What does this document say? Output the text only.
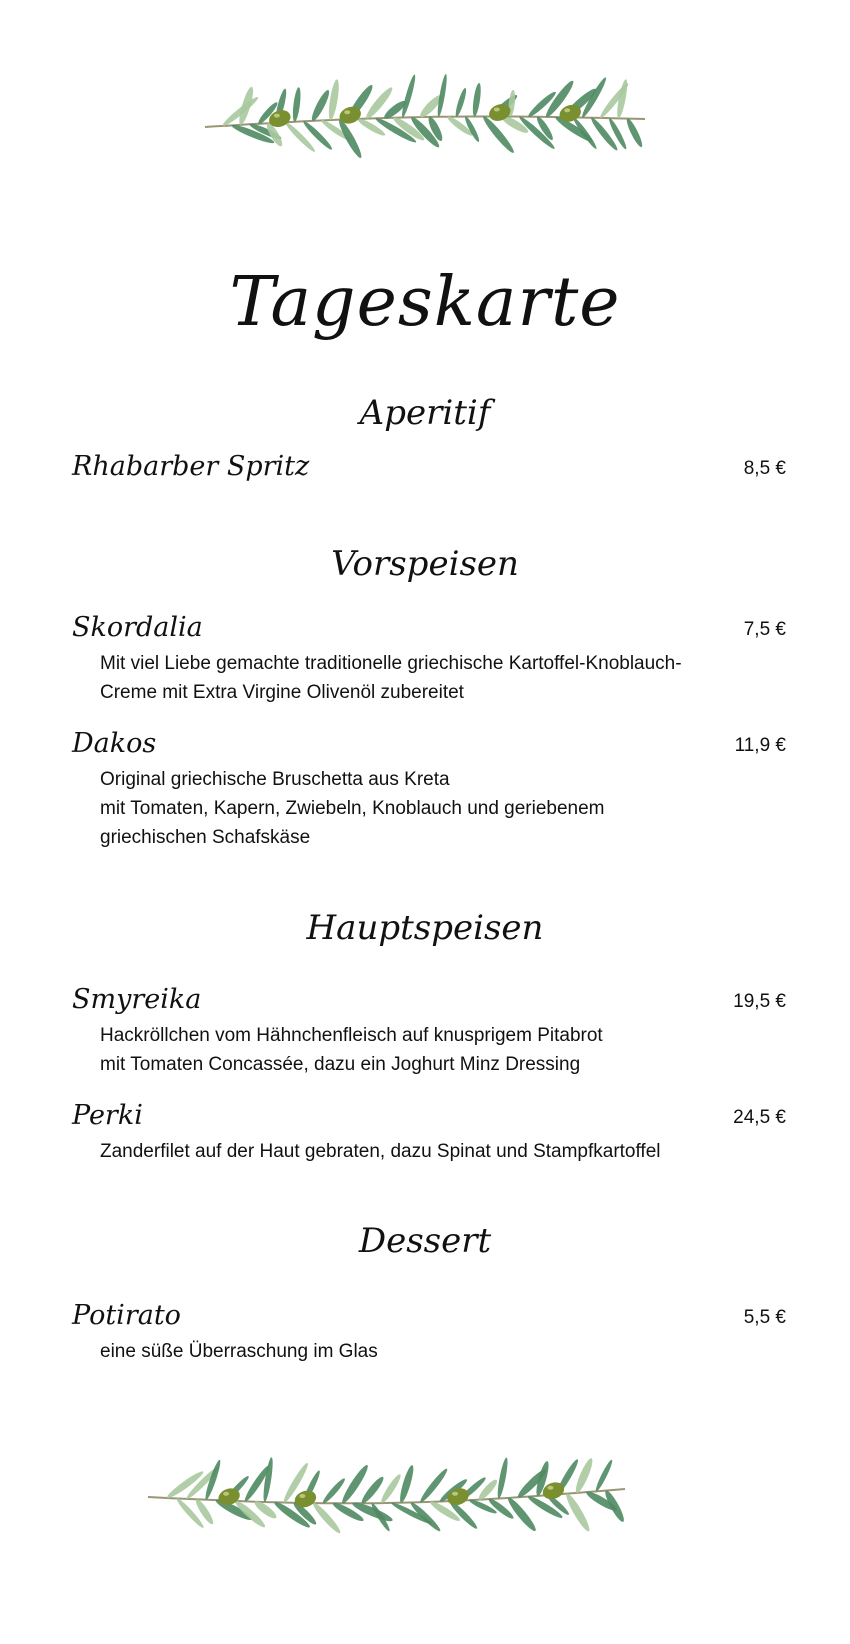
Tageskarte
Aperitif
Rhabarber Spritz	8,5 €
Vorspeisen
Skordalia	7,5 €
Mit viel Liebe gemachte traditionelle griechische Kartoffel-Knoblauch-
Creme mit Extra Virgine Olivenöl zubereitet
Dakos	11,9 €
Original griechische Bruschetta aus Kreta
mit Tomaten, Kapern, Zwiebeln, Knoblauch und geriebenem
griechischen Schafskäse
Hauptspeisen
Smyreika	19,5 €
Hackröllchen vom Hähnchenfleisch auf knusprigem Pitabrot
mit Tomaten Concassée, dazu ein Joghurt Minz Dressing
Perki	24,5 €
Zanderfilet auf der Haut gebraten, dazu Spinat und Stampfkartoffel
Dessert
Potirato	5,5 €
eine süße Überraschung im Glas
